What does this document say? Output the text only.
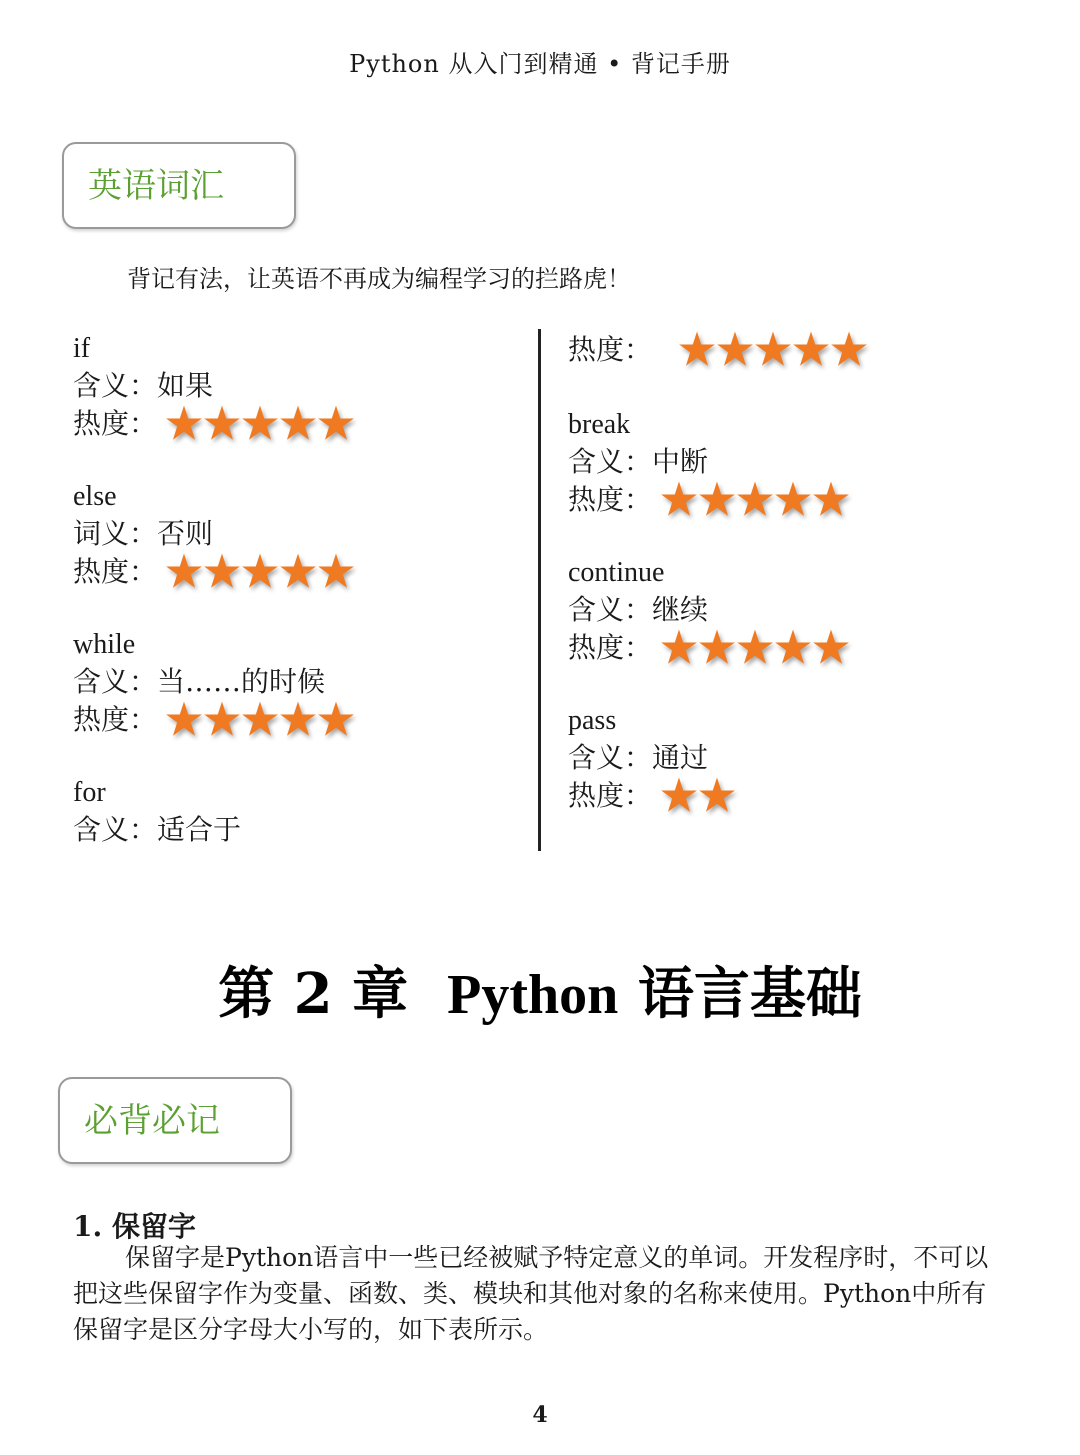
Python 从入门到精通 • 背记手册
英语词汇
背记有法，让英语不再成为编程学习的拦路虎！
if
含义：如果
热度：
else
词义：否则
热度：
while
含义：当……的时候
热度：
for
含义：适合于
热度：
break
含义：中断
热度：
continue
含义：继续
热度：
pass
含义：通过
热度：
第 2 章 Python 语言基础
必背必记
1. 保留字
保留字是Python语言中一些已经被赋予特定意义的单词。开发程序时，不可以把这些保留字作为变量、函数、类、模块和其他对象的名称来使用。Python中所有保留字是区分字母大小写的，如下表所示。
4
